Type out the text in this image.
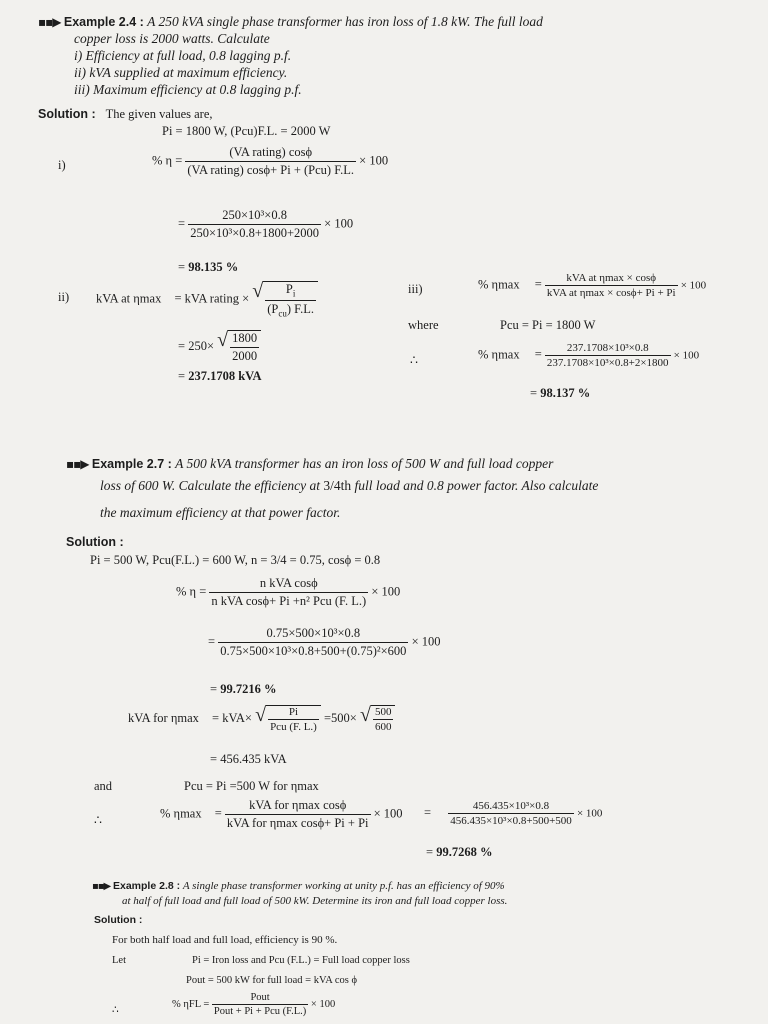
▪▪▶ Example 2.4 : A 250 kVA single phase transformer has iron loss of 1.8 kW. The full load
copper loss is 2000 watts. Calculate
i) Efficiency at full load, 0.8 lagging p.f.
ii) kVA supplied at maximum efficiency.
iii) Maximum efficiency at 0.8 lagging p.f.
Solution : The given values are,
Pi = 1800 W, (Pcu)F.L. = 2000 W
i)	% $\eta = \frac{\text{(VA rating) cosϕ}}{\text{(VA rating) cosϕ+ Pi + (Pcu) F.L.}} \times 100$
= $\frac{\text{250×10³×0.8}}{\text{250×10³×0.8+1800+2000}} \times 100$
= 98.135 %
ii) kVA at ηmax = kVA rating × √ $\frac{P_i}{(P_{cu}) F.L.}$
= 250× √ $\frac{1800}{2000}$
= 237.1708 kVA
iii)	% $\eta\max = \frac{\text{kVA at ηmax × cosϕ}}{\text{kVA at ηmax × cosϕ+ Pi + Pi}} \times 100$
where	Pcu = Pi = 1800 W
∴	% $\eta\max = \frac{\text{237.1708×10³×0.8}}{\text{237.1708×10³×0.8+2×1800}} \times 100$
= 98.137 %
▪▪▶ Example 2.7 : A 500 kVA transformer has an iron loss of 500 W and full load copper
loss of 600 W. Calculate the efficiency at 3/4th full load and 0.8 power factor. Also calculate
the maximum efficiency at that power factor.
Solution :
Pi = 500 W, Pcu(F.L.) = 600 W, n = 3/4 = 0.75, cosϕ = 0.8
% $\eta = \frac{\text{n kVA cosϕ}}{\text{n kVA cosϕ+ Pi +n² Pcu (F. L.)}} \times 100$
= $\frac{\text{0.75×500×10³×0.8}}{\text{0.75×500×10³×0.8+500+(0.75)²×600}} \times 100$
= 99.7216 %
kVA for ηmax = kVA× √ $\frac{Pi}{\text{Pcu (F. L.)}} =500\times$ √ $\frac{500}{600}$
= 456.435 kVA
and	Pcu = Pi =500 W for ηmax
∴	% $\eta\max = \frac{\text{kVA for ηmax cosϕ}}{\text{kVA for ηmax cosϕ+ Pi + Pi}} \times 100 = \frac{\text{456.435×10³×0.8}}{\text{456.435×10³×0.8+500+500}} \times 100$
= 99.7268 %
▪▪▶ Example 2.8 : A single phase transformer working at unity p.f. has an efficiency of 90%
at half of full load and full load of 500 kW. Determine its iron and full load copper loss.
Solution :
For both half load and full load, efficiency is 90 %.
Let	Pi = Iron loss and Pcu (F.L.) = Full load copper loss
Pout = 500 kW for full load = kVA cos ϕ
∴
% $\eta FL = \frac{\text{Pout}}{\text{Pout + Pi + Pcu (F.L.)}} \times 100$
